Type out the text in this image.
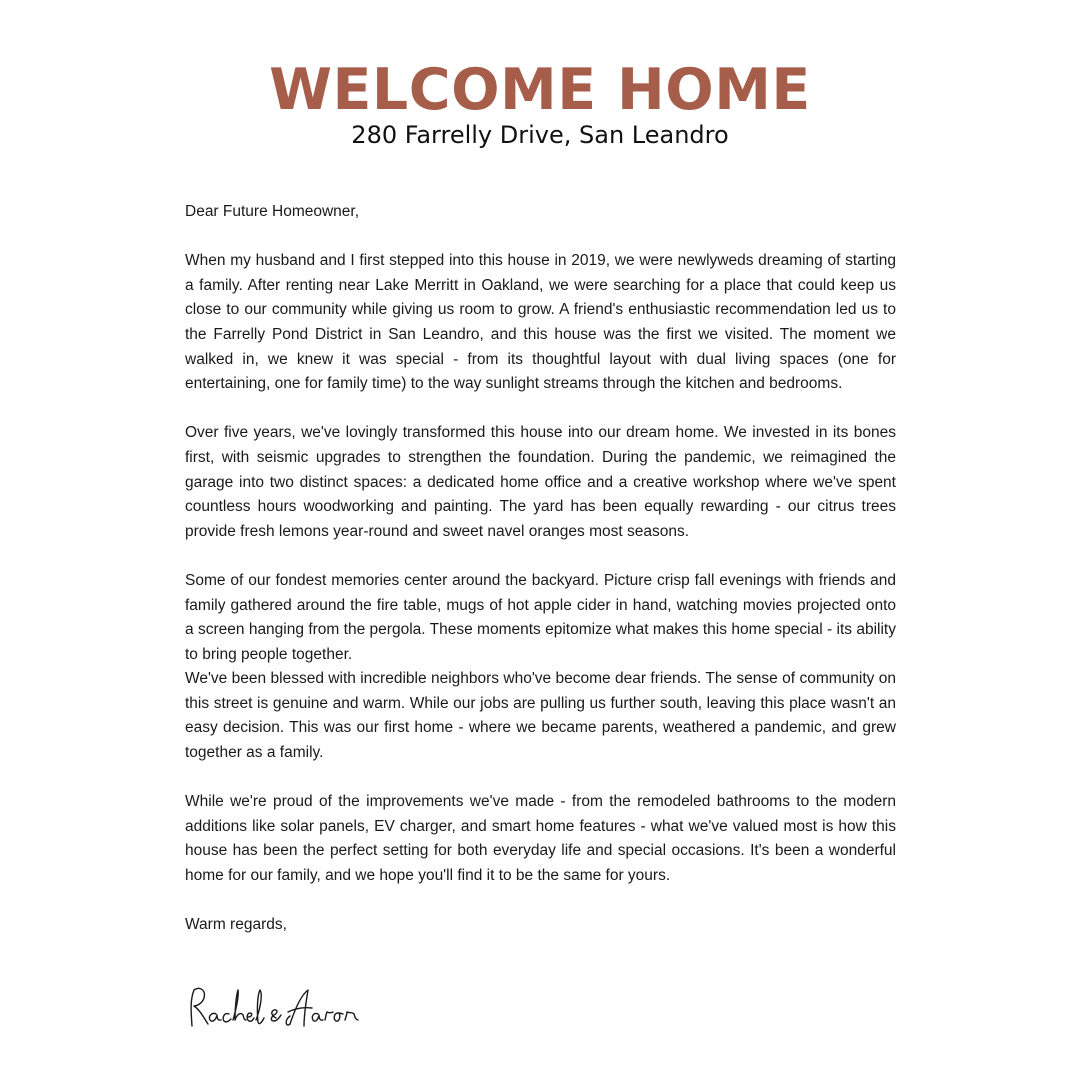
WELCOME HOME
280 Farrelly Drive, San Leandro

Dear Future Homeowner,

When my husband and I first stepped into this house in 2019, we were newlyweds dreaming of starting a family. After renting near Lake Merritt in Oakland, we were searching for a place that could keep us close to our community while giving us room to grow. A friend's enthusiastic recommendation led us to the Farrelly Pond District in San Leandro, and this house was the first we visited. The moment we walked in, we knew it was special - from its thoughtful layout with dual living spaces (one for entertaining, one for family time) to the way sunlight streams through the kitchen and bedrooms.

Over five years, we've lovingly transformed this house into our dream home. We invested in its bones first, with seismic upgrades to strengthen the foundation. During the pandemic, we reimagined the garage into two distinct spaces: a dedicated home office and a creative workshop where we've spent countless hours woodworking and painting. The yard has been equally rewarding - our citrus trees provide fresh lemons year-round and sweet navel oranges most seasons.

Some of our fondest memories center around the backyard. Picture crisp fall evenings with friends and family gathered around the fire table, mugs of hot apple cider in hand, watching movies projected onto a screen hanging from the pergola. These moments epitomize what makes this home special - its ability to bring people together.

We've been blessed with incredible neighbors who've become dear friends. The sense of community on this street is genuine and warm. While our jobs are pulling us further south, leaving this place wasn't an easy decision. This was our first home - where we became parents, weathered a pandemic, and grew together as a family.

While we're proud of the improvements we've made - from the remodeled bathrooms to the modern additions like solar panels, EV charger, and smart home features - what we've valued most is how this house has been the perfect setting for both everyday life and special occasions. It's been a wonderful home for our family, and we hope you'll find it to be the same for yours.

Warm regards,
